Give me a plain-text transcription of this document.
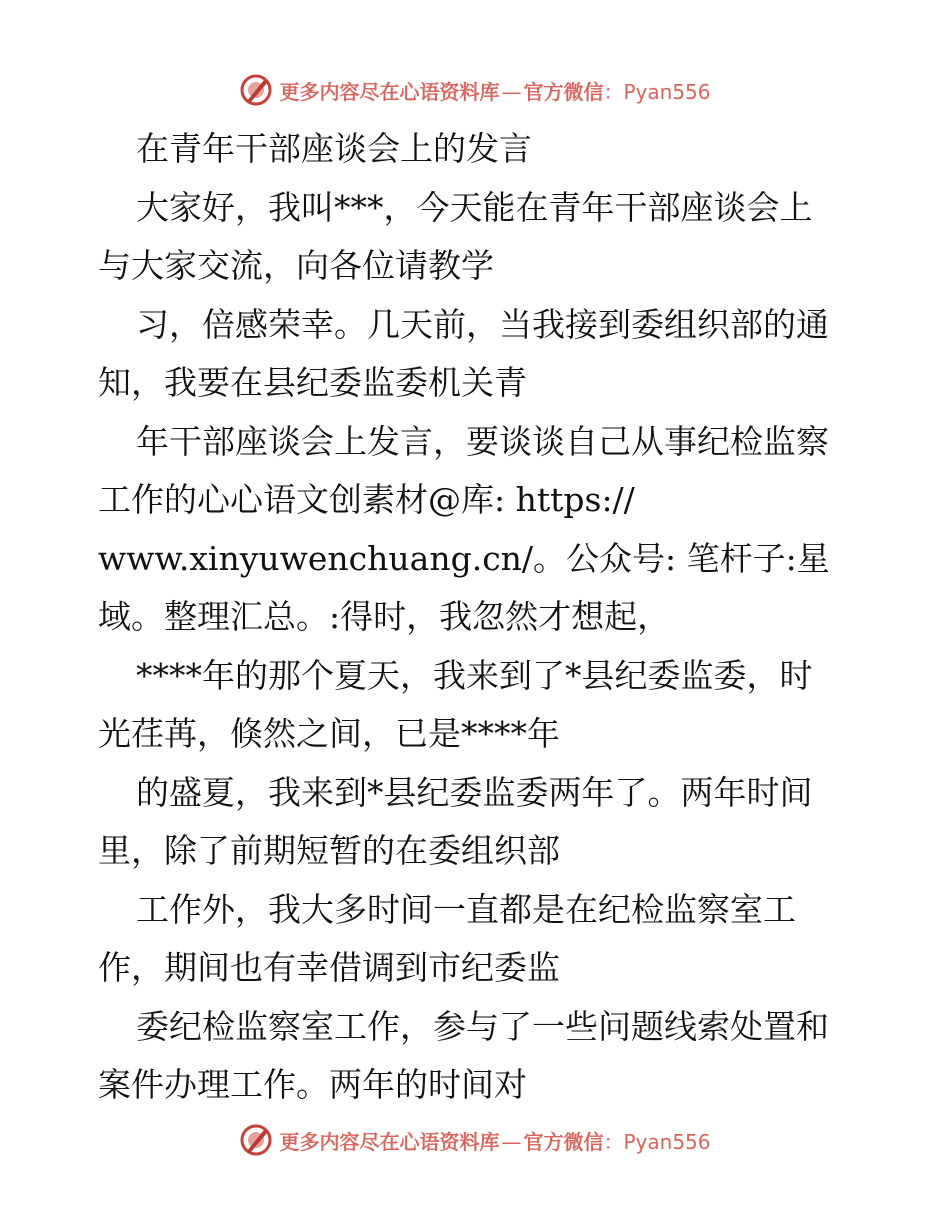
更多内容尽在心语资料库 — 官方微信：Pyan556
在青年干部座谈会上的发言
大家好，我叫***，今天能在青年干部座谈会上
与大家交流，向各位请教学
习，倍感荣幸。几天前，当我接到委组织部的通
知，我要在县纪委监委机关青
年干部座谈会上发言，要谈谈自己从事纪检监察
工作的心心语文创素材@库: https://
www.xinyuwenchuang.cn/。公众号: 笔杆子:星
域。整理汇总。:得时，我忽然才想起，
****年的那个夏天，我来到了*县纪委监委，时
光荏苒，倏然之间，已是****年
的盛夏，我来到*县纪委监委两年了。两年时间
里，除了前期短暂的在委组织部
工作外，我大多时间一直都是在纪检监察室工
作，期间也有幸借调到市纪委监
委纪检监察室工作，参与了一些问题线索处置和
案件办理工作。两年的时间对
更多内容尽在心语资料库 — 官方微信：Pyan556
